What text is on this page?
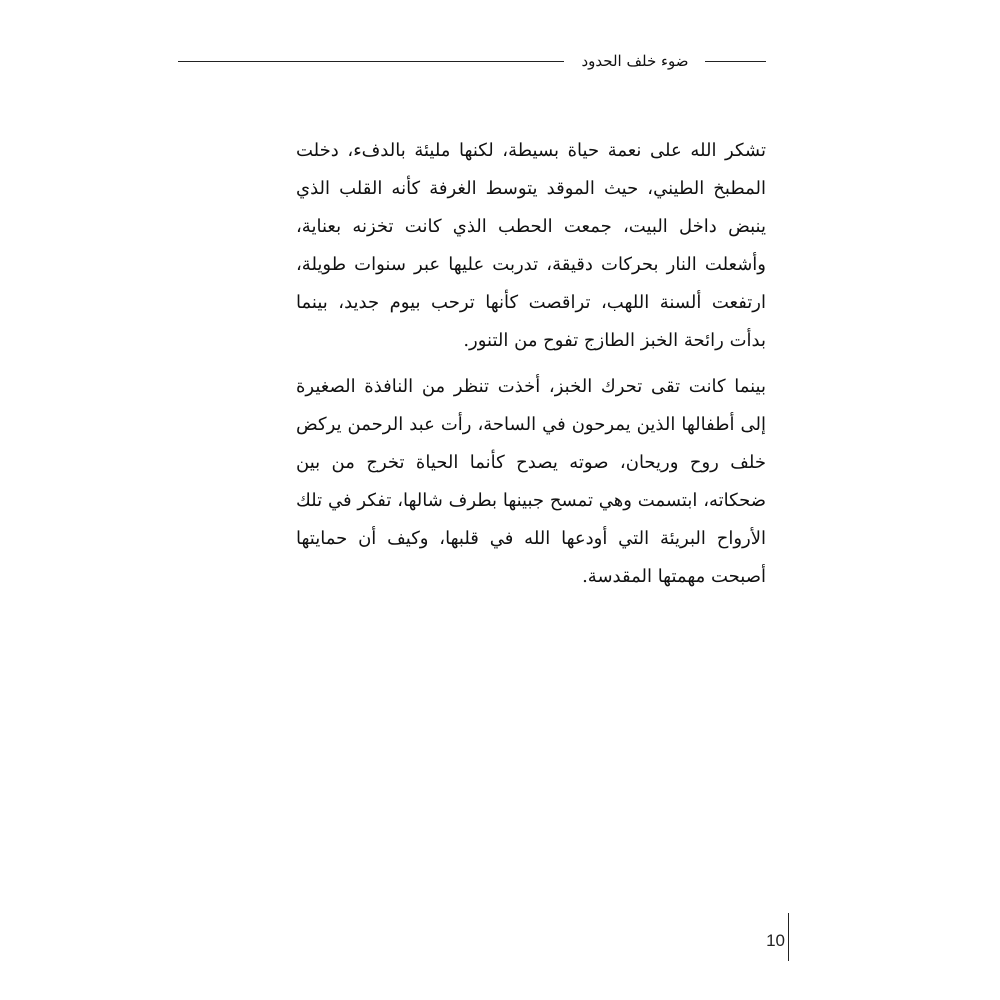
ضوء خلف الحدود

تشكر الله على نعمة حياة بسيطة، لكنها مليئة بالدفء، دخلت المطبخ الطيني، حيث الموقد يتوسط الغرفة كأنه القلب الذي ينبض داخل البيت، جمعت الحطب الذي كانت تخزنه بعناية، وأشعلت النار بحركات دقيقة، تدربت عليها عبر سنوات طويلة، ارتفعت ألسنة اللهب، تراقصت كأنها ترحب بيوم جديد، بينما بدأت رائحة الخبز الطازج تفوح من التنور.

بينما كانت تقى تحرك الخبز، أخذت تنظر من النافذة الصغيرة إلى أطفالها الذين يمرحون في الساحة، رأت عبد الرحمن يركض خلف روح وريحان، صوته يصدح كأنما الحياة تخرج من بين ضحكاته، ابتسمت وهي تمسح جبينها بطرف شالها، تفكر في تلك الأرواح البريئة التي أودعها الله في قلبها، وكيف أن حمايتها أصبحت مهمتها المقدسة.

10
